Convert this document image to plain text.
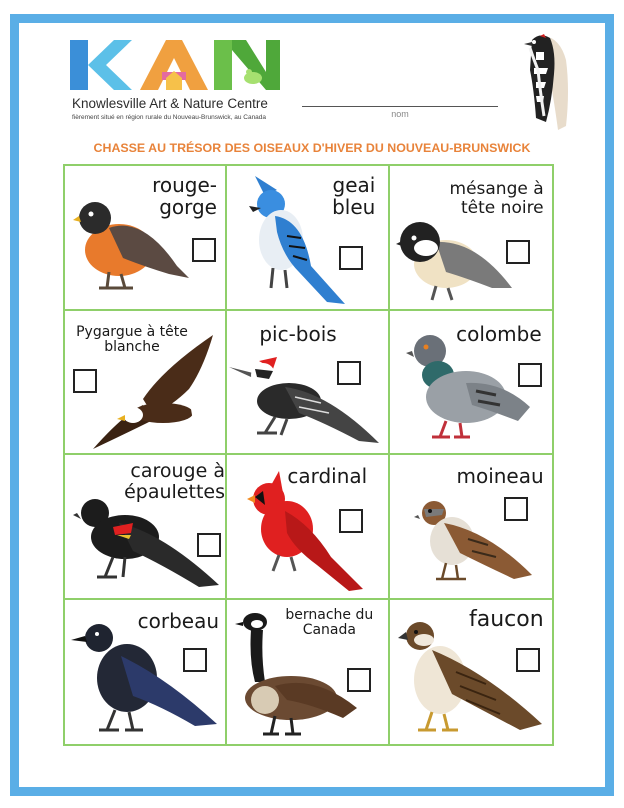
Knowlesville Art & Nature Centre
fièrement situé en région rurale du Nouveau-Brunswick, au Canada	nom
CHASSE AU TRÉSOR DES OISEAUX D'HIVER DU NOUVEAU-BRUNSWICK
rouge-
gorge
geai
bleu
mésange à
tête noire
Pygargue à tête
blanche
pic-bois	colombe
carouge à
épaulettes
cardinal	moineau
corbeau	bernache du
Canada	faucon
